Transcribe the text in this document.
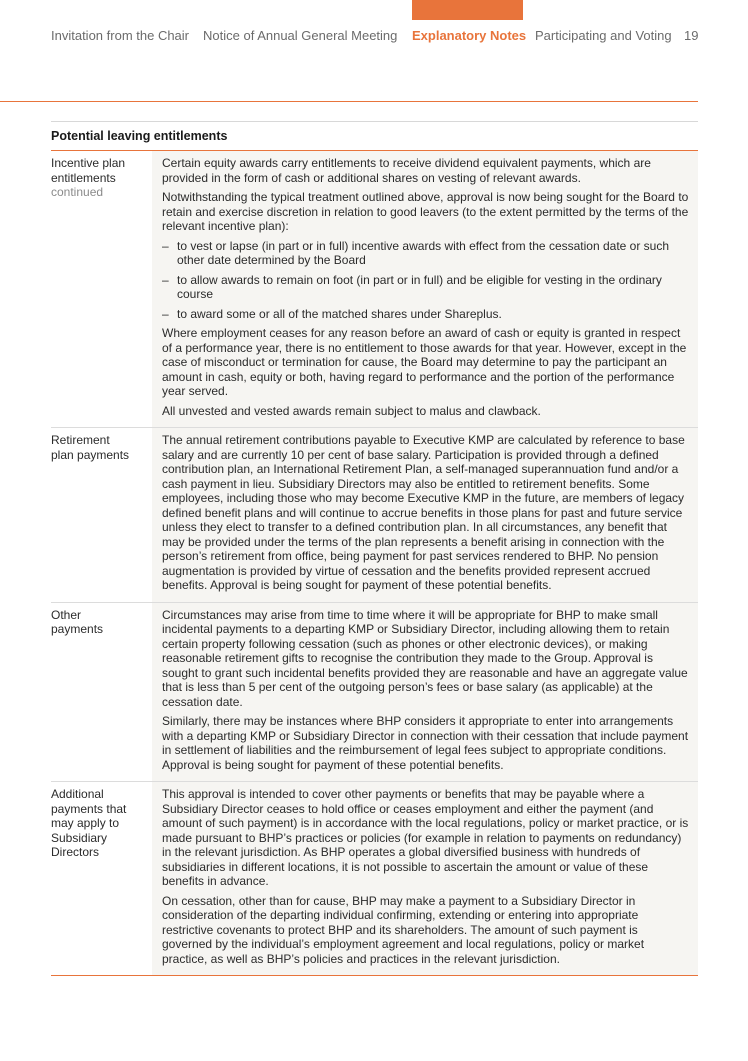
Invitation from the Chair Notice of Annual General Meeting Explanatory Notes Participating and Voting 19
Potential leaving entitlements
Incentive plan
entitlements
continued

Certain equity awards carry entitlements to receive dividend equivalent payments, which are provided in the form of cash or additional shares on vesting of relevant awards.

Notwithstanding the typical treatment outlined above, approval is now being sought for the Board to retain and exercise discretion in relation to good leavers (to the extent permitted by the terms of the relevant incentive plan):

– to vest or lapse (in part or in full) incentive awards with effect from the cessation date or such other date determined by the Board
– to allow awards to remain on foot (in part or in full) and be eligible for vesting in the ordinary course
– to award some or all of the matched shares under Shareplus.

Where employment ceases for any reason before an award of cash or equity is granted in respect of a performance year, there is no entitlement to those awards for that year. However, except in the case of misconduct or termination for cause, the Board may determine to pay the participant an amount in cash, equity or both, having regard to performance and the portion of the performance year served.

All unvested and vested awards remain subject to malus and clawback.

Retirement
plan payments

The annual retirement contributions payable to Executive KMP are calculated by reference to base salary and are currently 10 per cent of base salary. Participation is provided through a defined contribution plan, an International Retirement Plan, a self-managed superannuation fund and/or a cash payment in lieu. Subsidiary Directors may also be entitled to retirement benefits. Some employees, including those who may become Executive KMP in the future, are members of legacy defined benefit plans and will continue to accrue benefits in those plans for past and future service unless they elect to transfer to a defined contribution plan. In all circumstances, any benefit that may be provided under the terms of the plan represents a benefit arising in connection with the person’s retirement from office, being payment for past services rendered to BHP. No pension augmentation is provided by virtue of cessation and the benefits provided represent accrued benefits. Approval is being sought for payment of these potential benefits.

Other
payments

Circumstances may arise from time to time where it will be appropriate for BHP to make small incidental payments to a departing KMP or Subsidiary Director, including allowing them to retain certain property following cessation (such as phones or other electronic devices), or making reasonable retirement gifts to recognise the contribution they made to the Group. Approval is sought to grant such incidental benefits provided they are reasonable and have an aggregate value that is less than 5 per cent of the outgoing person’s fees or base salary (as applicable) at the cessation date.

Similarly, there may be instances where BHP considers it appropriate to enter into arrangements with a departing KMP or Subsidiary Director in connection with their cessation that include payment in settlement of liabilities and the reimbursement of legal fees subject to appropriate conditions. Approval is being sought for payment of these potential benefits.

Additional
payments that
may apply to
Subsidiary
Directors

This approval is intended to cover other payments or benefits that may be payable where a Subsidiary Director ceases to hold office or ceases employment and either the payment (and amount of such payment) is in accordance with the local regulations, policy or market practice, or is made pursuant to BHP’s practices or policies (for example in relation to payments on redundancy) in the relevant jurisdiction. As BHP operates a global diversified business with hundreds of subsidiaries in different locations, it is not possible to ascertain the amount or value of these benefits in advance.

On cessation, other than for cause, BHP may make a payment to a Subsidiary Director in consideration of the departing individual confirming, extending or entering into appropriate restrictive covenants to protect BHP and its shareholders. The amount of such payment is governed by the individual’s employment agreement and local regulations, policy or market practice, as well as BHP’s policies and practices in the relevant jurisdiction.
